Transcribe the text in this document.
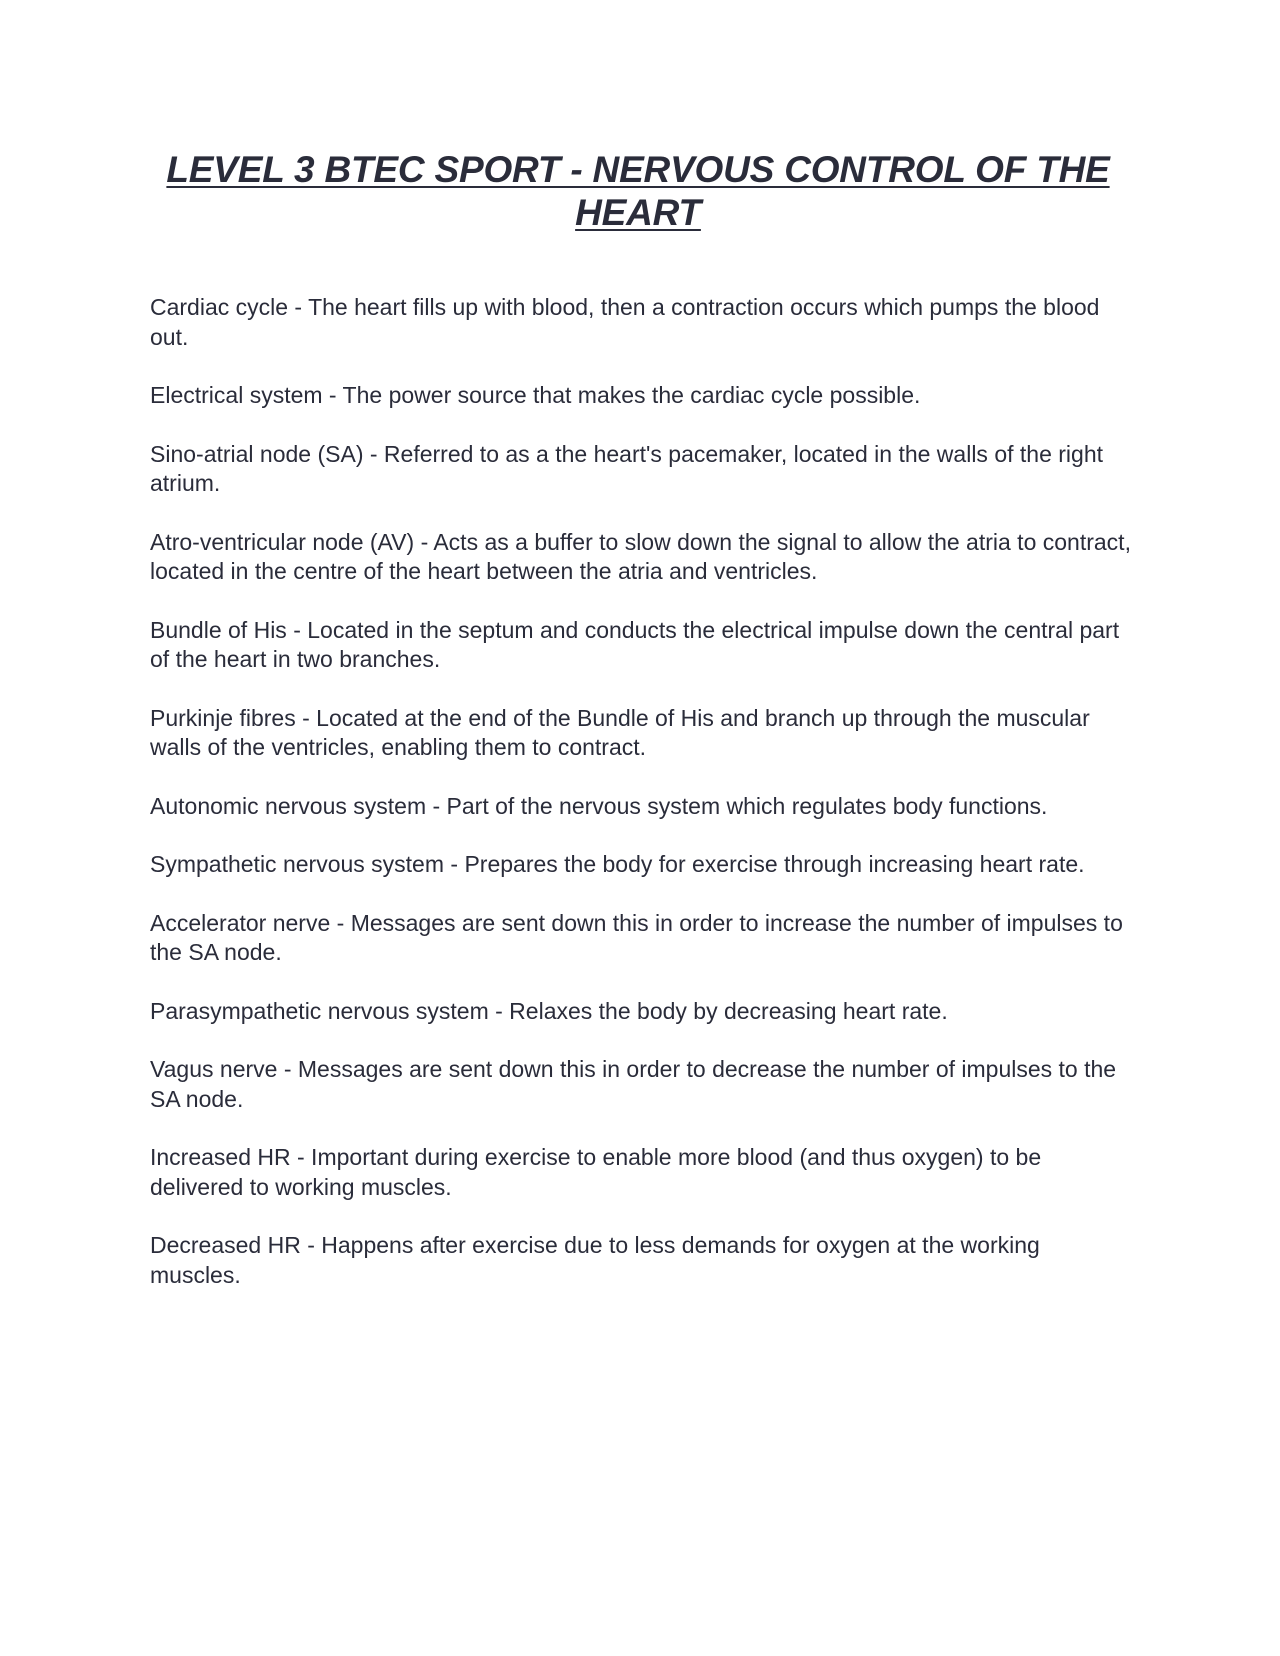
LEVEL 3 BTEC SPORT - NERVOUS CONTROL OF THE HEART
Cardiac cycle - The heart fills up with blood, then a contraction occurs which pumps the blood out.
Electrical system - The power source that makes the cardiac cycle possible.
Sino-atrial node (SA) - Referred to as a the heart's pacemaker, located in the walls of the right atrium.
Atro-ventricular node (AV) - Acts as a buffer to slow down the signal to allow the atria to contract, located in the centre of the heart between the atria and ventricles.
Bundle of His - Located in the septum and conducts the electrical impulse down the central part of the heart in two branches.
Purkinje fibres - Located at the end of the Bundle of His and branch up through the muscular walls of the ventricles, enabling them to contract.
Autonomic nervous system - Part of the nervous system which regulates body functions.
Sympathetic nervous system - Prepares the body for exercise through increasing heart rate.
Accelerator nerve - Messages are sent down this in order to increase the number of impulses to the SA node.
Parasympathetic nervous system - Relaxes the body by decreasing heart rate.
Vagus nerve - Messages are sent down this in order to decrease the number of impulses to the SA node.
Increased HR - Important during exercise to enable more blood (and thus oxygen) to be delivered to working muscles.
Decreased HR - Happens after exercise due to less demands for oxygen at the working muscles.
